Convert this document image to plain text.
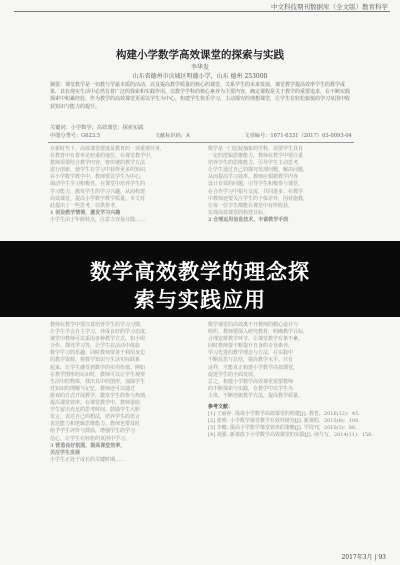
中文科技期刊数据库（全文版）教育科学
构建小学数学高效课堂的探索与实践
李华发
山东省德州市庆城区明德小学，山东 德州 253000
摘要：课堂教学是一切教与学最本质的活动，以及提高教学质量的核心的课堂，关系学生的未来发展，课堂教学提高效率学生的教学成果，其在现实生活中必然有着广泛的探索和实践作用，以数学学科的核心素养为主要内容，确定课程是关于教学的重要追求，在不断实践探索中积累经验，作为教学的高效课堂更需以学生为中心，构建学生快乐学习、主动探究的理想课堂，让学生在轻松愉悦的学习氛围中收获知识与能力的提升。
关键词：小学数学；高效课堂；探索实践
中图分类号：G623.5	文献标识码：A	文章编号：1671-6331（2017）03-0093-04
在新时代下，高效课堂建设是教育的一项重要任务，
在教育中有着举足轻重的地位，在课堂教学中，
教师需要结合教学内容，将传统的教学方法
进行创新，使学生在学习中获得更多的知识，
在小学数学教学中，教师要以学生为中心，
调动学生学习积极性。在课堂中培养学生的
学习能力，激发学生的学习兴趣，从而构建
高效课堂，提高小学数学教学质量。本文对
此提出了一些思考，以供参考。
1 创设教学情境，激发学习兴趣
小学生由于年龄特点，注意力容易分散……
数学是一门比较抽象的学科，需要学生具有
一定的逻辑思维能力，教师在教学中要注重
培养学生的思维能力，引导学生主动思考，
让学生通过自己的探究发现问题、解决问题，
从而提高学习效率。教师应根据教学内容
设计有效的问题，引导学生积极参与课堂，
在合作学习中相互交流，共同进步。在教学
中教师还要关注学生的个体差异，因材施教，
让每一位学生都能在课堂中有所收获，
实现高效课堂的构建目标。
2 合理运用信息技术，丰富教学手段
数学高效教学的理念探
索与实践应用
教师在教学中要注意培养学生的学习习惯，
让学生学会自主学习，养成良好的学习态度。
课堂中教师可以采用多种教学方式，如小组
合作、探究学习等，让学生在活动中体验
数学学习的乐趣。同时教师要善于利用身边
的教学资源，将数学知识与生活实际联系
起来，让学生感受到数学的实用价值。例如
在教学图形的认识时，教师可以让学生观察
生活中的物体，找出其中的图形，加深学生
对知识的理解与记忆。教师还可以通过
游戏的方式开展教学，激发学生的参与热情，
提高课堂效率。在课堂教学中，教师要给
学生留出充足的思考时间，鼓励学生大胆
发言，表达自己的想法，培养学生的语言
表达能力和逻辑思维能力。教师也要及时
给予学生评价与鼓励，增强学生的学习
信心，让学生在轻松的氛围中学习。
3 营造良好氛围，提高课堂效率，
关注学生发展
小学生正处于成长的关键时期……
数学课堂的高效离不开教师的精心设计与
组织，教师要深入研究教材，明确教学目标，
合理安排教学环节，让课堂教学有条不紊。
同时教师要不断提升自身的专业素养，
学习先进的教学理念与方法，在实践中
不断反思与总结，提高教学水平。只有
这样，才能真正构建小学数学高效课堂，
促进学生的全面发展。
总之，构建小学数学高效课堂需要教师
的不断探索与实践，在教学中以学生为
主体，不断创新教学方法，提高教学质量。
参考文献：
[1] 王丽萍. 浅谈小学数学高效课堂的构建[J]. 教育，2016(12)：45.
[2] 张明. 小学数学课堂教学有效性研究[J]. 新课程，2015(8)：108.
[3] 李娜. 提高小学数学课堂效率的策略[J]. 学周刊，2016(3)：88.
[4] 刘强. 新课改下小学数学高效课堂的实践[J]. 读与写，2014(11)：156.
2017年3月 | 93
